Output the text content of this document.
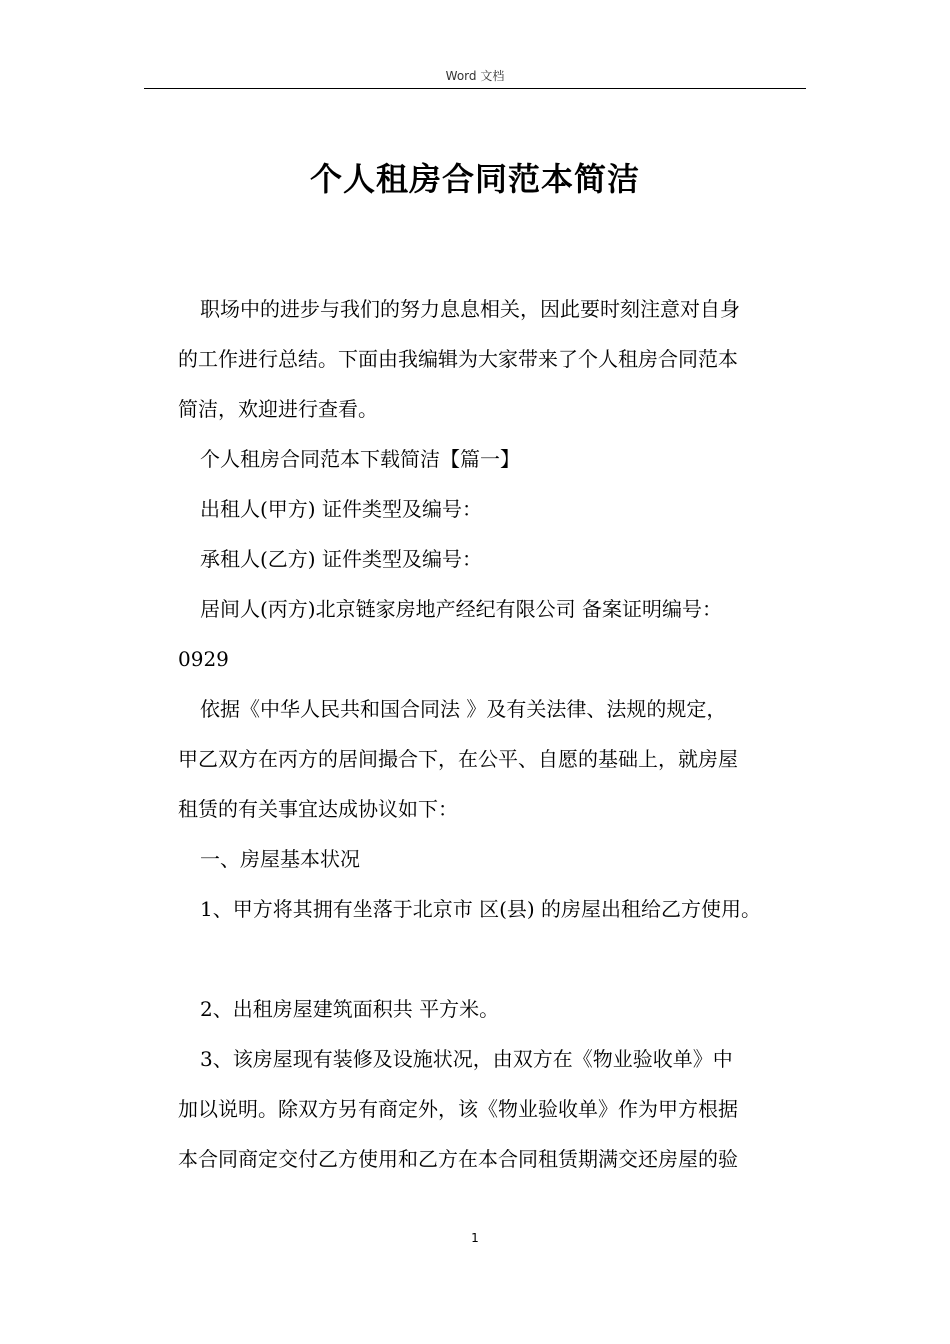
Word 文档
个人租房合同范本简洁
职场中的进步与我们的努力息息相关，因此要时刻注意对自身
的工作进行总结。下面由我编辑为大家带来了个人租房合同范本
简洁，欢迎进行查看。
个人租房合同范本下载简洁【篇一】
出租人(甲方) 证件类型及编号：
承租人(乙方) 证件类型及编号：
居间人(丙方)北京链家房地产经纪有限公司 备案证明编号：
0929
依据《中华人民共和国合同法 》及有关法律、法规的规定，
甲乙双方在丙方的居间撮合下，在公平、自愿的基础上，就房屋
租赁的有关事宜达成协议如下：
一、房屋基本状况
1、甲方将其拥有坐落于北京市 区(县) 的房屋出租给乙方使用。
2、出租房屋建筑面积共 平方米。
3、该房屋现有装修及设施状况，由双方在《物业验收单》中
加以说明。除双方另有商定外，该《物业验收单》作为甲方根据
本合同商定交付乙方使用和乙方在本合同租赁期满交还房屋的验
1
